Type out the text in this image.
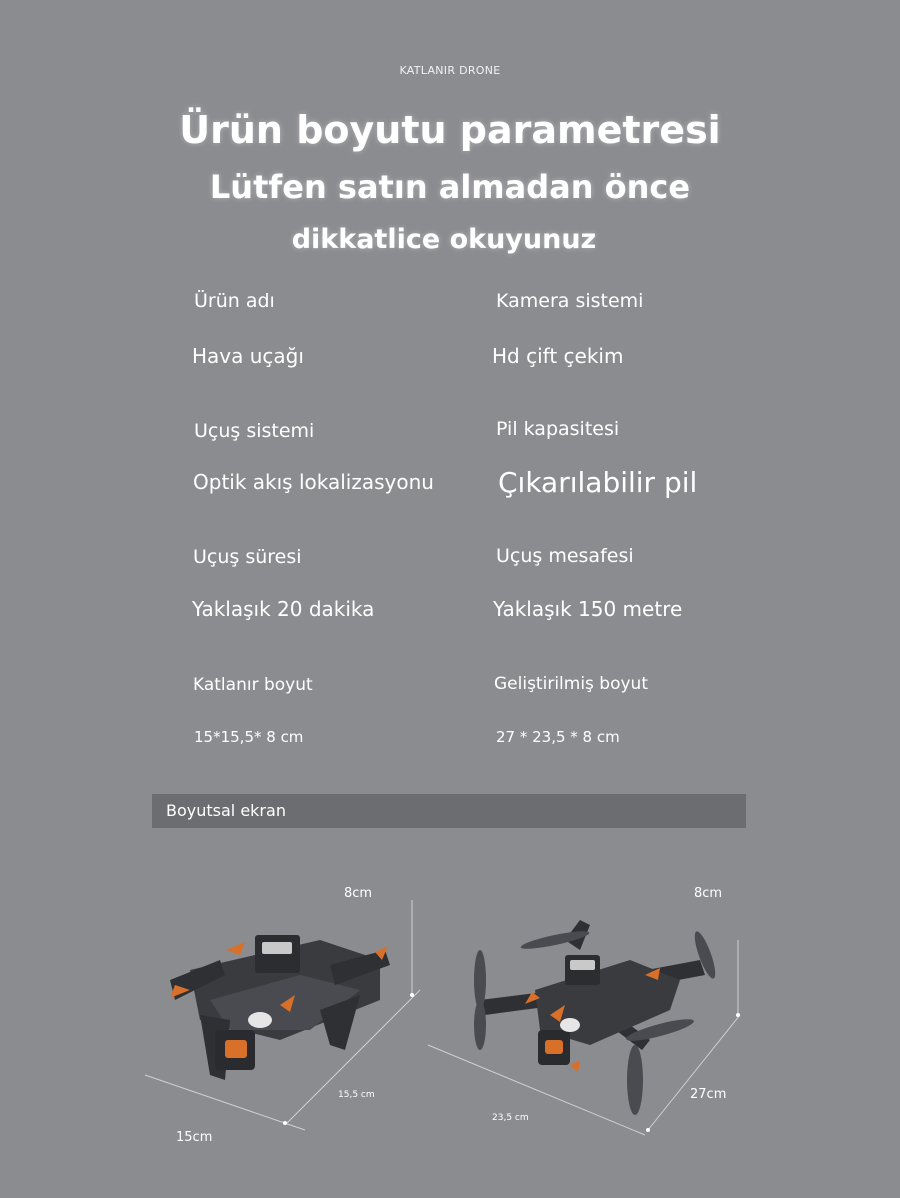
KATLANIR DRONE
Ürün boyutu parametresi
Lütfen satın almadan önce
dikkatlice okuyunuz
Ürün adı
Hava uçağı
Kamera sistemi
Hd çift çekim
Uçuş sistemi
Optik akış lokalizasyonu
Pil kapasitesi
Çıkarılabilir pil
Uçuş süresi
Yaklaşık 20 dakika
Uçuş mesafesi
Yaklaşık 150 metre
Katlanır boyut
15*15,5* 8 cm
Geliştirilmiş boyut
27 * 23,5 * 8 cm
Boyutsal ekran
8cm
15,5 cm
15cm
8cm
23,5 cm
27cm
